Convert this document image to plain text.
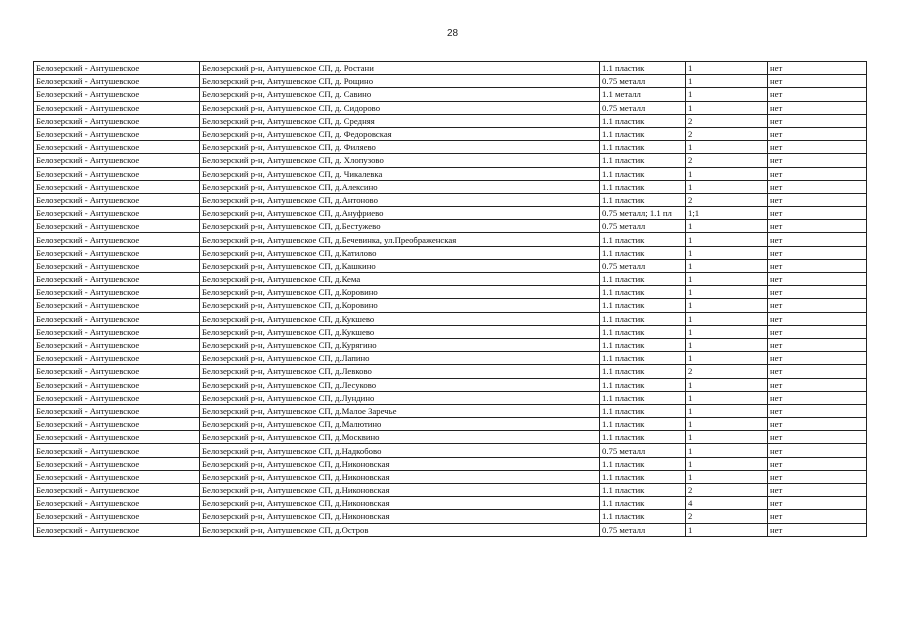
28
Белозерский - Антушевское	Белозерский р-н, Антушевское СП, д. Ростани	1.1 пластик	1	нет
Белозерский - Антушевское	Белозерский р-н, Антушевское СП, д. Рощино	0.75 металл	1	нет
Белозерский - Антушевское	Белозерский р-н, Антушевское СП, д. Савино	1.1 металл	1	нет
Белозерский - Антушевское	Белозерский р-н, Антушевское СП, д. Сидорово	0.75 металл	1	нет
Белозерский - Антушевское	Белозерский р-н, Антушевское СП, д. Средняя	1.1 пластик	2	нет
Белозерский - Антушевское	Белозерский р-н, Антушевское СП, д. Федоровская	1.1 пластик	2	нет
Белозерский - Антушевское	Белозерский р-н, Антушевское СП, д. Филяево	1.1 пластик	1	нет
Белозерский - Антушевское	Белозерский р-н, Антушевское СП, д. Хлопузово	1.1 пластик	2	нет
Белозерский - Антушевское	Белозерский р-н, Антушевское СП, д. Чикалевка	1.1 пластик	1	нет
Белозерский - Антушевское	Белозерский р-н, Антушевское СП, д.Алексино	1.1 пластик	1	нет
Белозерский - Антушевское	Белозерский р-н, Антушевское СП, д.Антоново	1.1 пластик	2	нет
Белозерский - Антушевское	Белозерский р-н, Антушевское СП, д.Ануфриево	0.75 металл; 1.1 пл	1;1	нет
Белозерский - Антушевское	Белозерский р-н, Антушевское СП, д.Бестужево	0.75 металл	1	нет
Белозерский - Антушевское	Белозерский р-н, Антушевское СП, д.Бечевинка, ул.Преображенская	1.1 пластик	1	нет
Белозерский - Антушевское	Белозерский р-н, Антушевское СП, д.Катилово	1.1 пластик	1	нет
Белозерский - Антушевское	Белозерский р-н, Антушевское СП, д.Кашкино	0.75 металл	1	нет
Белозерский - Антушевское	Белозерский р-н, Антушевское СП, д.Кема	1.1 пластик	1	нет
Белозерский - Антушевское	Белозерский р-н, Антушевское СП, д.Коровино	1.1 пластик	1	нет
Белозерский - Антушевское	Белозерский р-н, Антушевское СП, д.Коровино	1.1 пластик	1	нет
Белозерский - Антушевское	Белозерский р-н, Антушевское СП, д.Кукшево	1.1 пластик	1	нет
Белозерский - Антушевское	Белозерский р-н, Антушевское СП, д.Кукшево	1.1 пластик	1	нет
Белозерский - Антушевское	Белозерский р-н, Антушевское СП, д.Курягино	1.1 пластик	1	нет
Белозерский - Антушевское	Белозерский р-н, Антушевское СП, д.Лапино	1.1 пластик	1	нет
Белозерский - Антушевское	Белозерский р-н, Антушевское СП, д.Левково	1.1 пластик	2	нет
Белозерский - Антушевское	Белозерский р-н, Антушевское СП, д.Лесуково	1.1 пластик	1	нет
Белозерский - Антушевское	Белозерский р-н, Антушевское СП, д.Лундино	1.1 пластик	1	нет
Белозерский - Антушевское	Белозерский р-н, Антушевское СП, д.Малое Заречье	1.1 пластик	1	нет
Белозерский - Антушевское	Белозерский р-н, Антушевское СП, д.Малютино	1.1 пластик	1	нет
Белозерский - Антушевское	Белозерский р-н, Антушевское СП, д.Москвино	1.1 пластик	1	нет
Белозерский - Антушевское	Белозерский р-н, Антушевское СП, д.Надкобово	0.75 металл	1	нет
Белозерский - Антушевское	Белозерский р-н, Антушевское СП, д.Никоновская	1.1 пластик	1	нет
Белозерский - Антушевское	Белозерский р-н, Антушевское СП, д.Никоновская	1.1 пластик	1	нет
Белозерский - Антушевское	Белозерский р-н, Антушевское СП, д.Никоновская	1.1 пластик	2	нет
Белозерский - Антушевское	Белозерский р-н, Антушевское СП, д.Никоновская	1.1 пластик	4	нет
Белозерский - Антушевское	Белозерский р-н, Антушевское СП, д.Никоновская	1.1 пластик	2	нет
Белозерский - Антушевское	Белозерский р-н, Антушевское СП, д.Остров	0.75 металл	1	нет
